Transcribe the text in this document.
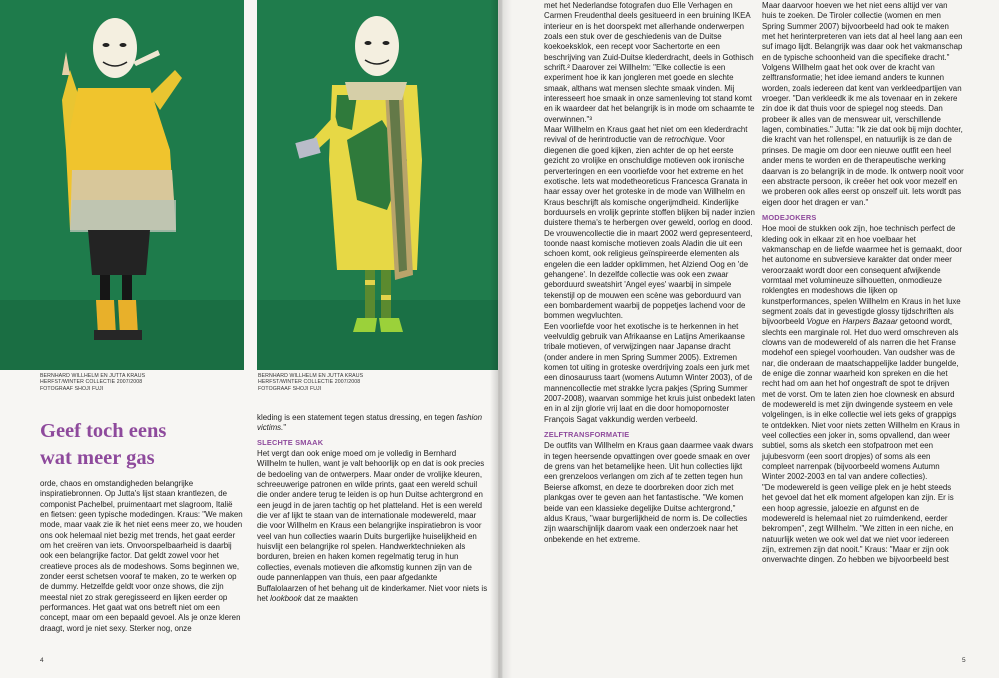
BERNHARD WILLHELM EN JUTTA KRAUS
HERFST/WINTER COLLECTIE 2007/2008
FOTOGRAAF SHOJI FUJI
BERNHARD WILLHELM EN JUTTA KRAUS
HERFST/WINTER COLLECTIE 2007/2008
FOTOGRAAF SHOJI FUJI
Geef toch eens
wat meer gas

orde, chaos en omstandigheden belangrijke inspiratiebronnen. Op Jutta's lijst staan krantlezen, de componist Pachelbel, pruimentaart met slagroom, Italië en fietsen: geen typische modedingen. Kraus: "We maken mode, maar vaak zie ik het niet eens meer zo, we houden ons ook helemaal niet bezig met trends, het gaat eerder om het creëren van iets. Onvoorspelbaarheid is daarbij ook een belangrijke factor. Dat geldt zowel voor het creatieve proces als de modeshows. Soms beginnen we, zonder eerst schetsen vooraf te maken, zo te werken op de dummy. Hetzelfde geldt voor onze shows, die zijn meestal niet zo strak geregisseerd en lijken eerder op performances. Het gaat wat ons betreft niet om een concept, maar om een bepaald gevoel. Als je onze kleren draagt, word je niet sexy. Sterker nog, onze

kleding is een statement tegen status dressing, en tegen fashion victims."

SLECHTE SMAAK

Het vergt dan ook enige moed om je volledig in Bernhard Willhelm te hullen, want je valt behoorlijk op en dat is ook precies de bedoeling van de ontwerpers. Maar onder de vrolijke kleuren, schreeuwerige patronen en wilde prints, gaat een wereld schuil die onder andere terug te leiden is op hun Duitse achtergrond en een jeugd in de jaren tachtig op het platteland. Het is een wereld die ver af lijkt te staan van de internationale modewereld, maar die voor Willhelm en Kraus een belangrijke inspiratiebron is voor veel van hun collecties waarin Duits burgerlijke huiselijkheid en huisvlijt een belangrijke rol spelen. Handwerktechnieken als borduren, breien en haken komen regelmatig terug in hun collecties, evenals motieven die afkomstig kunnen zijn van de oude pannenlappen van thuis, een paar afgedankte Buffalolaarzen of het behang uit de kinderkamer. Niet voor niets is het lookbook dat ze maakten

4

met het Nederlandse fotografen duo Elle Verhagen en Carmen Freudenthal deels gesitueerd in een bruining IKEA interieur en is het doorspekt met allerhande onderwerpen zoals een stuk over de geschiedenis van de Duitse koekoeksklok, een recept voor Sachertorte en een beschrijving van Zuid-Duitse klederdracht, deels in Gothisch schrift.² Daarover zei Willhelm: "Elke collectie is een experiment hoe ik kan jongleren met goede en slechte smaak, althans wat mensen slechte smaak vinden. Mij interesseert hoe smaak in onze samenleving tot stand komt en ik waardeer dat het belangrijk is in mode om schaamte te overwinnen."³

Maar Willhelm en Kraus gaat het niet om een klederdracht revival of de herintroductie van de retrochique. Voor diegenen die goed kijken, zien achter de op het eerste gezicht zo vrolijke en onschuldige motieven ook ironische perverteringen en een voorliefde voor het extreme en het exotische. Iets wat modetheoreticus Francesca Granata in haar essay over het groteske in de mode van Willhelm en Kraus beschrijft als komische ongerijmdheid. Kinderlijke borduursels en vrolijk geprinte stoffen blijken bij nader inzien duistere thema's te herbergen over geweld, oorlog en dood. De vrouwencollectie die in maart 2002 werd gepresenteerd, toonde naast komische motieven zoals Aladin die uit een schoen komt, ook religieus geïnspireerde elementen als engelen die een ladder opklimmen, het Alziend Oog en 'de gehangene'. In dezelfde collectie was ook een zwaar geborduurd sweatshirt 'Angel eyes' waarbij in simpele tekenstijl op de mouwen een scène was geborduurd van een bombardement waarbij de poppetjes lachend voor de bommen wegvluchten.

Een voorliefde voor het exotische is te herkennen in het veelvuldig gebruik van Afrikaanse en Latijns Amerikaanse tribale motieven, of verwijzingen naar Japanse dracht (onder andere in men Spring Summer 2005). Extremen komen tot uiting in groteske overdrijving zoals een jurk met een dinosauruss taart (womens Autumn Winter 2003), of de mannencollectie met strakke lycra pakjes (Spring Summer 2007-2008), waarvan sommige het kruis juist onbedekt laten en in al zijn glorie vrij laat en die door homopornoster François Sagat vakkundig werden verbeeld.

ZELFTRANSFORMATIE

De outfits van Willhelm en Kraus gaan daarmee vaak dwars in tegen heersende opvattingen over goede smaak en over de grens van het betamelijke heen. Uit hun collecties lijkt een grenzeloos verlangen om zich af te zetten tegen hun Beierse afkomst, en deze te doorbreken door zich met plankgas over te geven aan het fantastische. "We komen beide van een klassieke degelijke Duitse achtergrond," aldus Kraus, "waar burgerlijkheid de norm is. De collecties zijn waarschijnlijk daarom vaak een onderzoek naar het onbekende en het extreme.

Maar daarvoor hoeven we het niet eens altijd ver van huis te zoeken. De Tiroler collectie (women en men Spring Summer 2007) bijvoorbeeld had ook te maken met het herinterpreteren van iets dat al heel lang aan een suf imago lijdt. Belangrijk was daar ook het vakmanschap en de typische schoonheid van die specifieke dracht." Volgens Willhelm gaat het ook over de kracht van zelftransformatie; het idee iemand anders te kunnen worden, zoals iedereen dat kent van verkleedpartijen van vroeger. "Dan verkleedk ik me als tovenaar en in zekere zin doe ik dat thuis voor de spiegel nog steeds. Dan probeer ik alles van de menswear uit, verschillende lagen, combinaties." Jutta: "Ik zie dat ook bij mijn dochter, die kracht van het rollenspel, en natuurlijk is ze dan de prinses. De magie om door een nieuwe outfit een heel ander mens te worden en de therapeutische werking daarvan is zo belangrijk in de mode. Ik ontwerp nooit voor een abstracte persoon, ik creëer het ook voor mezelf en we proberen ook alles eerst op onszelf uit. Iets wordt pas eigen door het dragen er van."

MODEJOKERS

Hoe mooi de stukken ook zijn, hoe technisch perfect de kleding ook in elkaar zit en hoe voelbaar het vakmanschap en de liefde waarmee het is gemaakt, door het autonome en subversieve karakter dat onder meer veroorzaakt wordt door een consequent afwijkende vormtaal met volumineuze silhouetten, onmodieuze roklengtes en modeshows die lijken op kunstperformances, spelen Willhelm en Kraus in het luxe segment zoals dat in gevestigde glossy tijdschriften als bijvoorbeeld Vogue en Harpers Bazaar getoond wordt, slechts een marginale rol. Het duo werd omschreven als clowns van de modewereld of als narren die het Franse modehof een spiegel voorhouden. Van oudsher was de nar, die onderaan de maatschappelijke ladder bungelde, de enige die zonnar waarheid kon spreken en die het recht had om aan het hof ongestraft de spot te drijven met de vorst. Om te laten zien hoe clownesk en absurd de modewereld is met zijn dwingende systeem en vele volgelingen, is in elke collectie wel iets geks of grappigs te ontdekken. Niet voor niets zetten Willhelm en Kraus in veel collecties een joker in, soms opvallend, dan weer subtiel, soms als sketch een stofpatroon met een jujubesvorm (een soort dropjes) of soms als een compleet narrenpak (bijvoorbeeld womens Autumn Winter 2002-2003 en tal van andere collecties).

"De modewereld is geen veilige plek en je hebt steeds het gevoel dat het elk moment afgelopen kan zijn. Er is een hoop agressie, jaloezie en afgunst en de modewereld is helemaal niet zo ruimdenkend, eerder bekrompen", zegt Willhelm. "We zitten in een niche, en natuurlijk weten we ook wel dat we niet voor iedereen zijn, extremen zijn dat nooit." Kraus: "Maar er zijn ook onverwachte dingen. Zo hebben we bijvoorbeeld best

5
